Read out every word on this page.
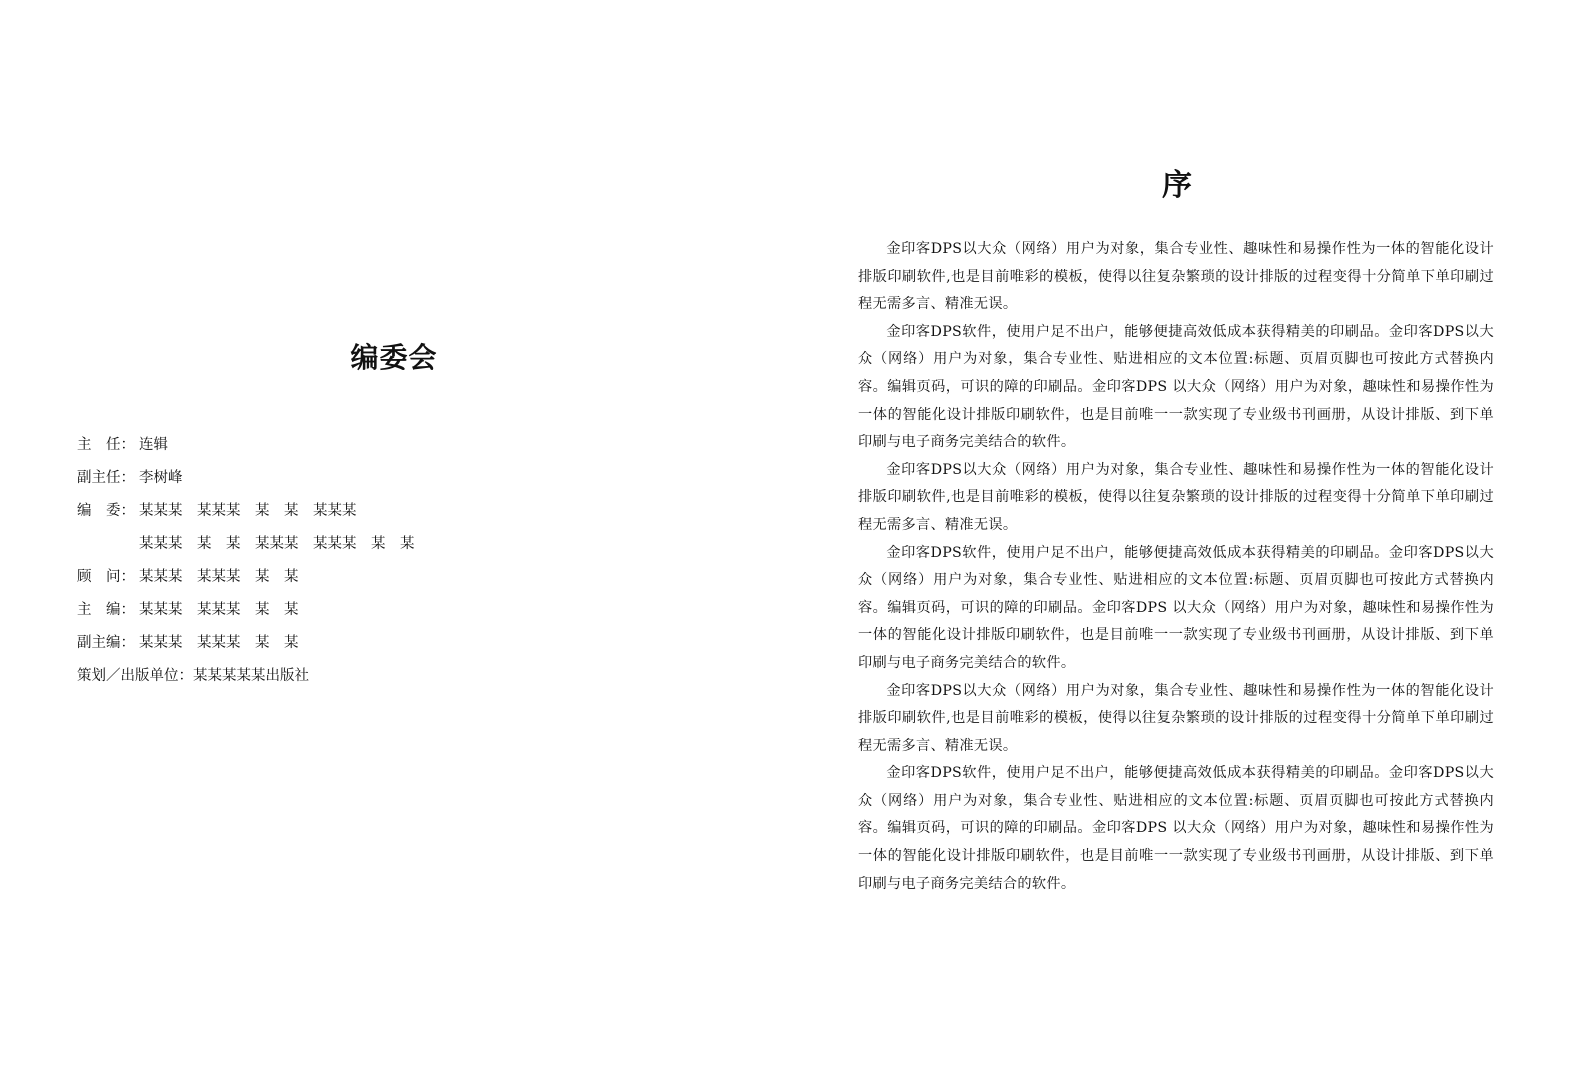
编委会
主　任： 连辑
副主任： 李树峰
编　委： 某某某　某某某　某　某　某某某
某某某　某　某　某某某　某某某　某　某
顾　问： 某某某　某某某　某　某
主　编： 某某某　某某某　某　某
副主编： 某某某　某某某　某　某
策划／出版单位： 某某某某某出版社
序

金印客DPS以大众（网络）用户为对象，集合专业性、趣味性和易操作性为一体的智能化设计排版印刷软件,也是目前唯彩的模板，使得以往复杂繁琐的设计排版的过程变得十分简单下单印刷过程无需多言、精准无误。

金印客DPS软件，使用户足不出户，能够便捷高效低成本获得精美的印刷品。金印客DPS以大众（网络）用户为对象，集合专业性、贴进相应的文本位置:标题、页眉页脚也可按此方式替换内容。编辑页码，可识的障的印刷品。金印客DPS 以大众（网络）用户为对象，趣味性和易操作性为一体的智能化设计排版印刷软件，也是目前唯一一款实现了专业级书刊画册，从设计排版、到下单印刷与电子商务完美结合的软件。

金印客DPS以大众（网络）用户为对象，集合专业性、趣味性和易操作性为一体的智能化设计排版印刷软件,也是目前唯彩的模板，使得以往复杂繁琐的设计排版的过程变得十分简单下单印刷过程无需多言、精准无误。

金印客DPS软件，使用户足不出户，能够便捷高效低成本获得精美的印刷品。金印客DPS以大众（网络）用户为对象，集合专业性、贴进相应的文本位置:标题、页眉页脚也可按此方式替换内容。编辑页码，可识的障的印刷品。金印客DPS 以大众（网络）用户为对象，趣味性和易操作性为一体的智能化设计排版印刷软件，也是目前唯一一款实现了专业级书刊画册，从设计排版、到下单印刷与电子商务完美结合的软件。

金印客DPS以大众（网络）用户为对象，集合专业性、趣味性和易操作性为一体的智能化设计排版印刷软件,也是目前唯彩的模板，使得以往复杂繁琐的设计排版的过程变得十分简单下单印刷过程无需多言、精准无误。

金印客DPS软件，使用户足不出户，能够便捷高效低成本获得精美的印刷品。金印客DPS以大众（网络）用户为对象，集合专业性、贴进相应的文本位置:标题、页眉页脚也可按此方式替换内容。编辑页码，可识的障的印刷品。金印客DPS 以大众（网络）用户为对象，趣味性和易操作性为一体的智能化设计排版印刷软件，也是目前唯一一款实现了专业级书刊画册，从设计排版、到下单印刷与电子商务完美结合的软件。
